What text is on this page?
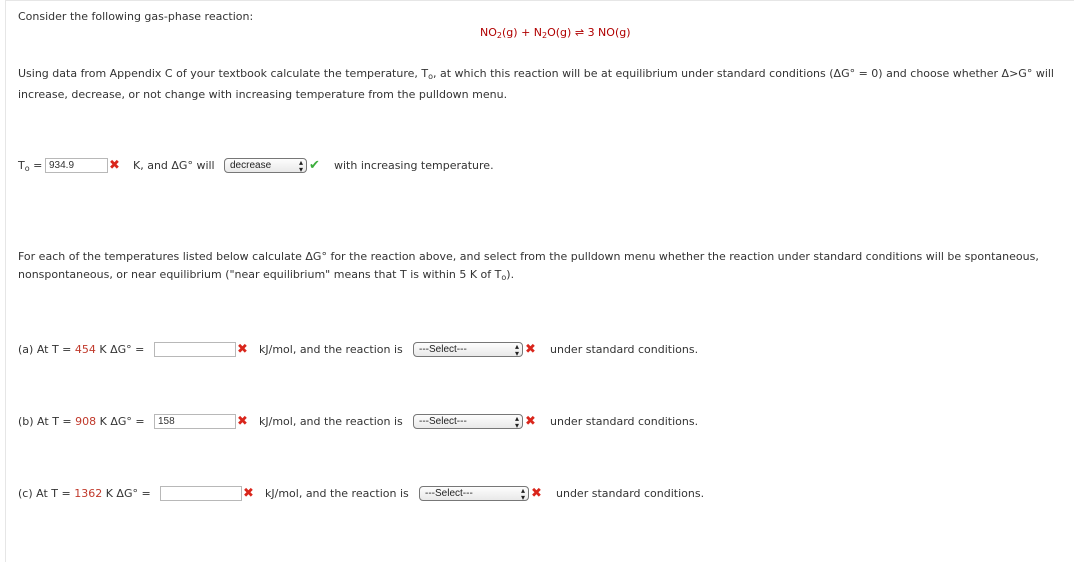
Consider the following gas-phase reaction:
$NO_2(g) + N_2O(g)$ ⇌ 3 NO(g)
Using data from Appendix C of your textbook calculate the temperature, $T_o$, at which this reaction will be at equilibrium under standard conditions (ΔG° = 0) and choose whether Δ>G° will
increase, decrease, or not change with increasing temperature from the pulldown menu.
$T_o = 934.9$	✖ K, and ΔG° will	decrease	▴
▾ ✔ with increasing temperature.
For each of the temperatures listed below calculate ΔG° for the reaction above, and select from the pulldown menu whether the reaction under standard conditions will be spontaneous,
nonspontaneous, or near equilibrium ("near equilibrium" means that T is within 5 K of $T_o$).
(a) At T = 454 K ΔG° =	✖ kJ/mol, and the reaction is	---Select---	▴
▾ ✖ under standard conditions.
(b) At T = 908 K ΔG° =	158	✖ kJ/mol, and the reaction is	---Select---	▴
▾ ✖ under standard conditions.
(c) At T = 1362 K ΔG° =	✖ kJ/mol, and the reaction is	---Select---	▴
▾ ✖ under standard conditions.
